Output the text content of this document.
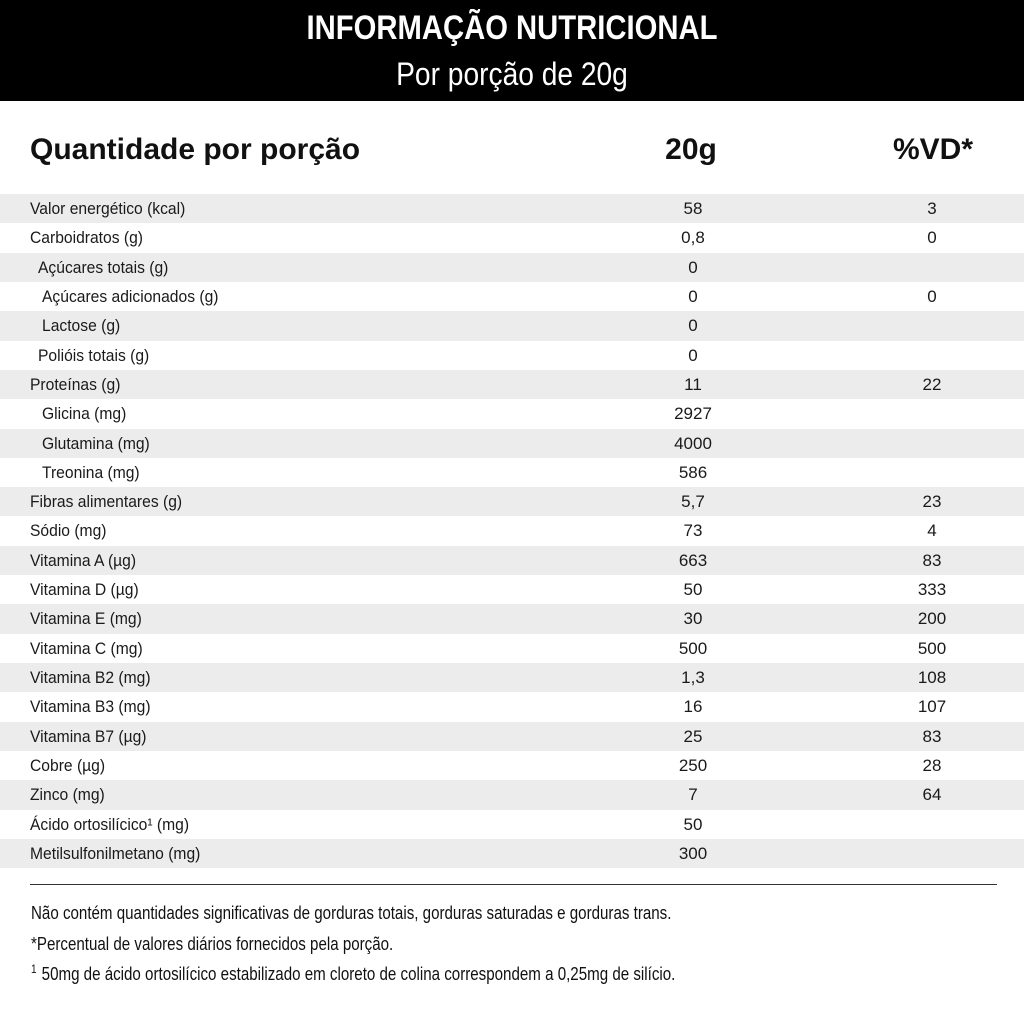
INFORMAÇÃO NUTRICIONAL
Por porção de 20g
Quantidade por porção	20g	%VD*
Valor energético (kcal)	58	3
Carboidratos (g)	0,8	0
Açúcares totais (g)	0
Açúcares adicionados (g)	0	0
Lactose (g)	0
Polióis totais (g)	0
Proteínas (g)	11	22
Glicina (mg)	2927
Glutamina (mg)	4000
Treonina (mg)	586
Fibras alimentares (g)	5,7	23
Sódio (mg)	73	4
Vitamina A (µg)	663	83
Vitamina D (µg)	50	333
Vitamina E (mg)	30	200
Vitamina C (mg)	500	500
Vitamina B2 (mg)	1,3	108
Vitamina B3 (mg)	16	107
Vitamina B7 (µg)	25	83
Cobre (µg)	250	28
Zinco (mg)	7	64
Ácido ortosilícico¹ (mg)	50
Metilsulfonilmetano (mg)	300
Não contém quantidades significativas de gorduras totais, gorduras saturadas e gorduras trans.
*Percentual de valores diários fornecidos pela porção.
$^1$ 50mg de ácido ortosilícico estabilizado em cloreto de colina correspondem a 0,25mg de silício.
